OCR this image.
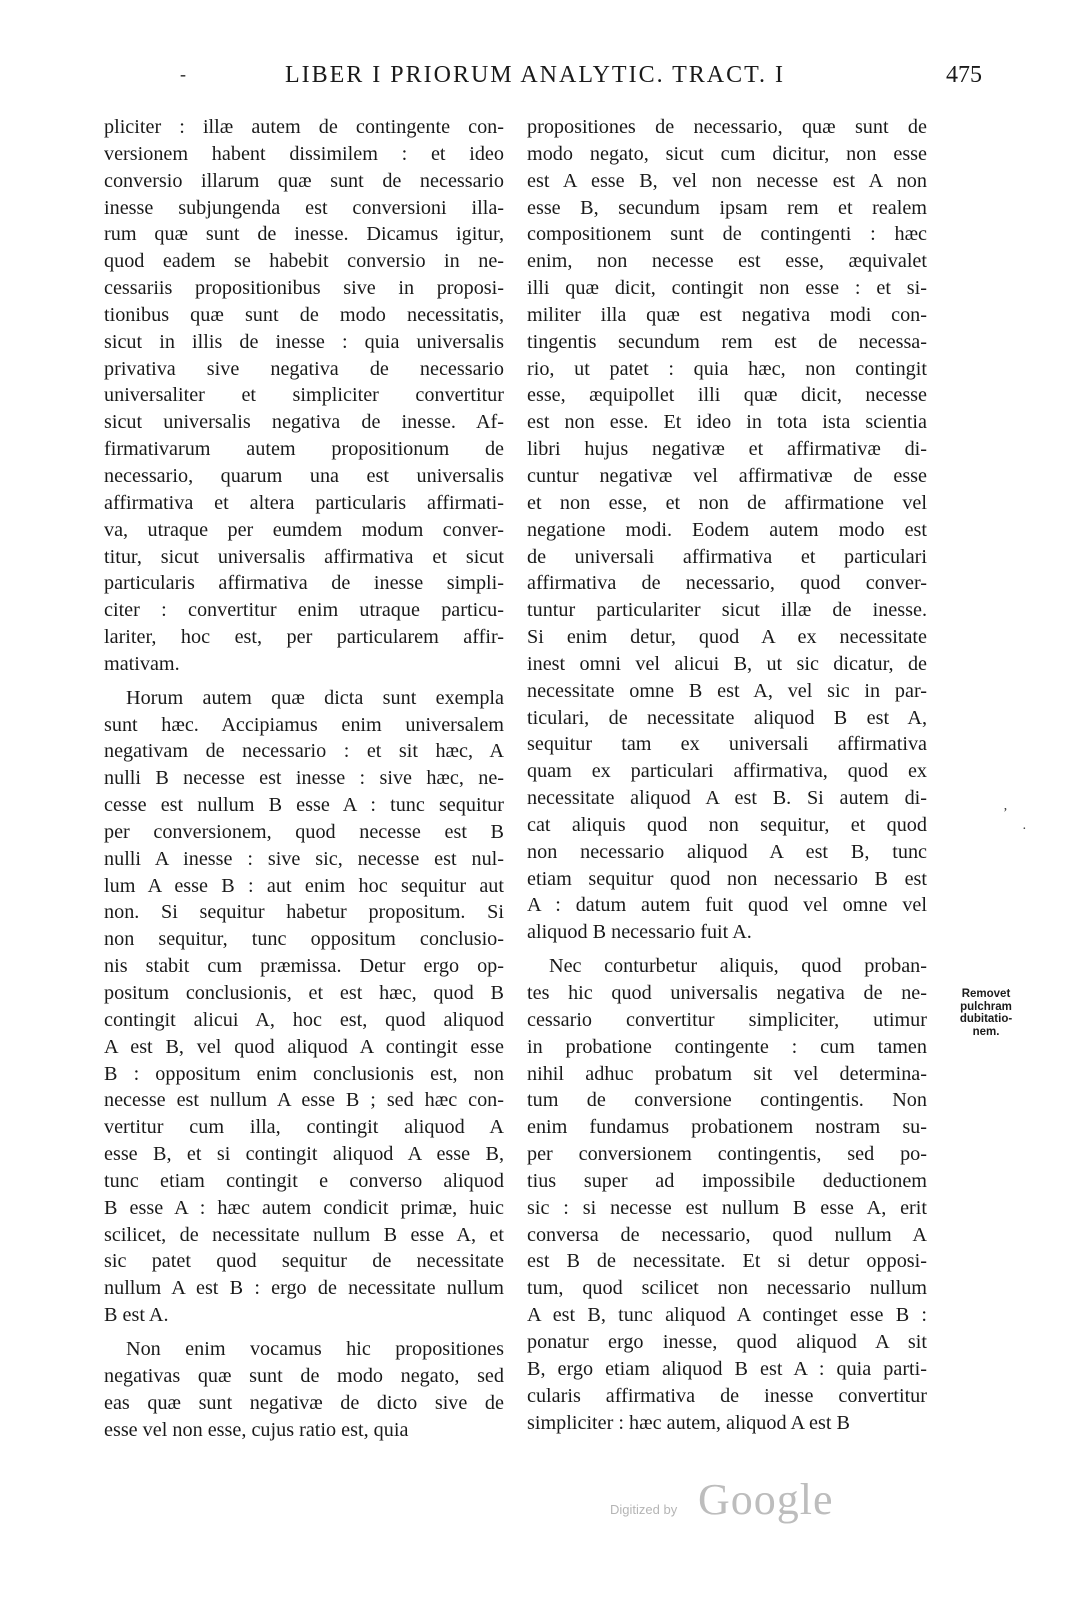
-	LIBER I PRIORUM ANALYTIC. TRACT. I	475
pliciter : illæ autem de contingente con-
versionem habent dissimilem : et ideo
conversio illarum quæ sunt de necessario
inesse subjungenda est conversioni illa-
rum quæ sunt de inesse. Dicamus igitur,
quod eadem se habebit conversio in ne-
cessariis propositionibus sive in proposi-
tionibus quæ sunt de modo necessitatis,
sicut in illis de inesse : quia universalis
privativa sive negativa de necessario
universaliter et simpliciter convertitur
sicut universalis negativa de inesse. Af-
firmativarum autem propositionum de
necessario, quarum una est universalis
affirmativa et altera particularis affirmati-
va, utraque per eumdem modum conver-
titur, sicut universalis affirmativa et sicut
particularis affirmativa de inesse simpli-
citer : convertitur enim utraque particu-
lariter, hoc est, per particularem affir-
mativam.
Horum autem quæ dicta sunt exempla
sunt hæc. Accipiamus enim universalem
negativam de necessario : et sit hæc, A
nulli B necesse est inesse : sive hæc, ne-
cesse est nullum B esse A : tunc sequitur
per conversionem, quod necesse est B
nulli A inesse : sive sic, necesse est nul-
lum A esse B : aut enim hoc sequitur aut
non. Si sequitur habetur propositum. Si
non sequitur, tunc oppositum conclusio-
nis stabit cum præmissa. Detur ergo op-
positum conclusionis, et est hæc, quod B
contingit alicui A, hoc est, quod aliquod
A est B, vel quod aliquod A contingit esse
B : oppositum enim conclusionis est, non
necesse est nullum A esse B ; sed hæc con-
vertitur cum illa, contingit aliquod A
esse B, et si contingit aliquod A esse B,
tunc etiam contingit e converso aliquod
B esse A : hæc autem condicit primæ, huic
scilicet, de necessitate nullum B esse A, et
sic patet quod sequitur de necessitate
nullum A est B : ergo de necessitate nullum
B est A.
Non enim vocamus hic propositiones
negativas quæ sunt de modo negato, sed
eas quæ sunt negativæ de dicto sive de
esse vel non esse, cujus ratio est, quia
propositiones de necessario, quæ sunt de
modo negato, sicut cum dicitur, non esse
est A esse B, vel non necesse est A non
esse B, secundum ipsam rem et realem
compositionem sunt de contingenti : hæc
enim, non necesse est esse, æquivalet
illi quæ dicit, contingit non esse : et si-
militer illa quæ est negativa modi con-
tingentis secundum rem est de necessa-
rio, ut patet : quia hæc, non contingit
esse, æquipollet illi quæ dicit, necesse
est non esse. Et ideo in tota ista scientia
libri hujus negativæ et affirmativæ di-
cuntur negativæ vel affirmativæ de esse
et non esse, et non de affirmatione vel
negatione modi. Eodem autem modo est
de universali affirmativa et particulari
affirmativa de necessario, quod conver-
tuntur particulariter sicut illæ de inesse.
Si enim detur, quod A ex necessitate
inest omni vel alicui B, ut sic dicatur, de
necessitate omne B est A, vel sic in par-
ticulari, de necessitate aliquod B est A,
sequitur tam ex universali affirmativa
quam ex particulari affirmativa, quod ex
necessitate aliquod A est B. Si autem di-
cat aliquis quod non sequitur, et quod
non necessario aliquod A est B, tunc
etiam sequitur quod non necessario B est
A : datum autem fuit quod vel omne vel
aliquod B necessario fuit A.
Nec conturbetur aliquis, quod proban-
tes hic quod universalis negativa de ne-
cessario convertitur simpliciter, utimur
in probatione contingente : cum tamen
nihil adhuc probatum sit vel determina-
tum de conversione contingentis. Non
enim fundamus probationem nostram su-
per conversionem contingentis, sed po-
tius super ad impossibile deductionem
sic : si necesse est nullum B esse A, erit
conversa de necessario, quod nullum A
est B de necessitate. Et si detur opposi-
tum, quod scilicet non necessario nullum
A est B, tunc aliquod A continget esse B :
ponatur ergo inesse, quod aliquod A sit
B, ergo etiam aliquod B est A : quia parti-
cularis affirmativa de inesse convertitur
simpliciter : hæc autem, aliquod A est B
Removet pulchram dubitatio-nem.
ʼ
·
Digitized by Google
